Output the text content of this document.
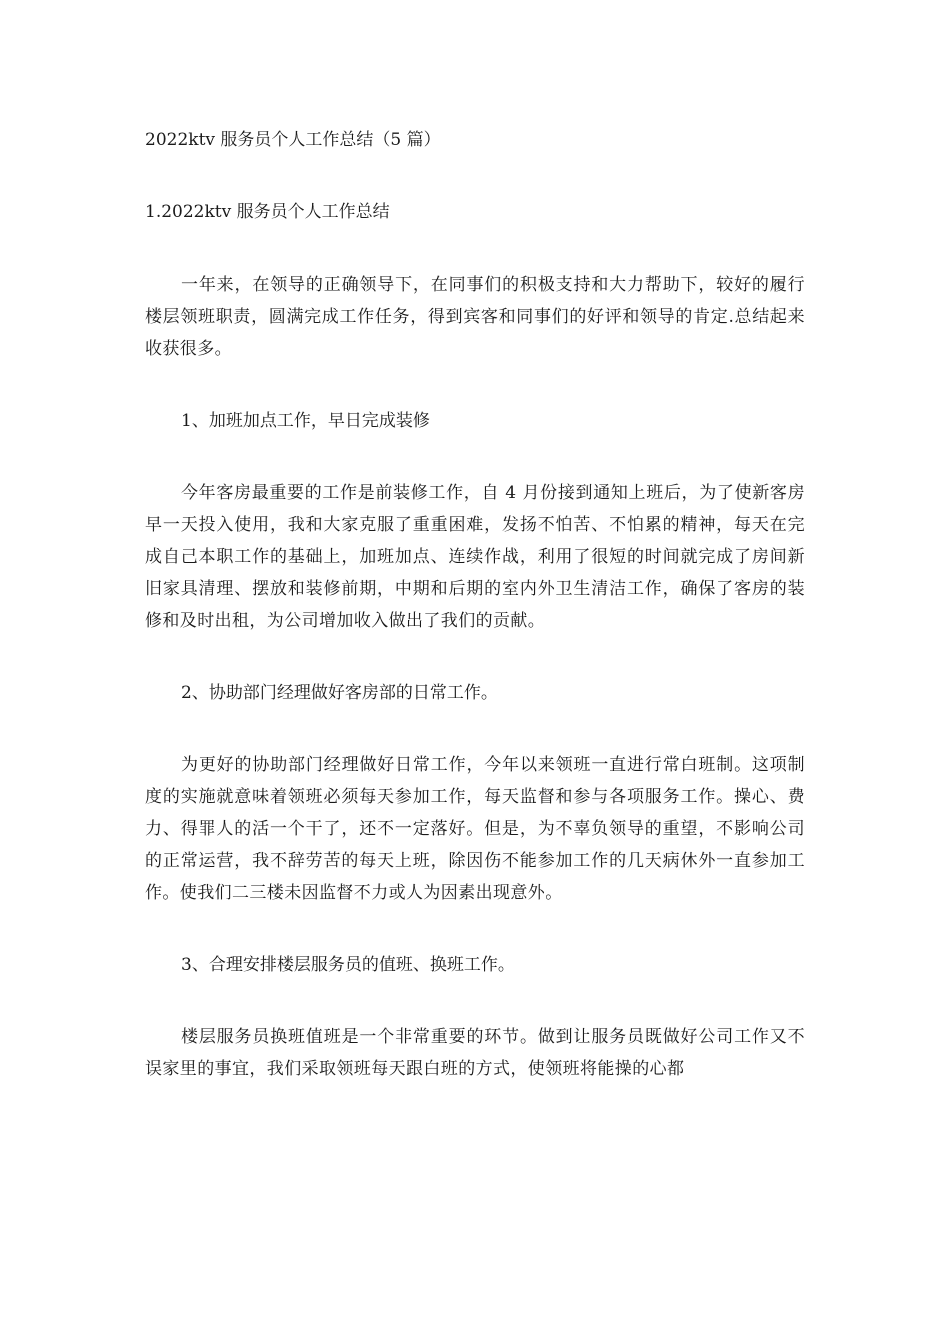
2022ktv 服务员个人工作总结（5 篇）

1.2022ktv 服务员个人工作总结

一年来，在领导的正确领导下，在同事们的积极支持和大力帮助下，较好的履行楼层领班职责，圆满完成工作任务，得到宾客和同事们的好评和领导的肯定.总结起来收获很多。

1、加班加点工作，早日完成装修

今年客房最重要的工作是前装修工作，自 4 月份接到通知上班后，为了使新客房早一天投入使用，我和大家克服了重重困难，发扬不怕苦、不怕累的精神，每天在完成自己本职工作的基础上，加班加点、连续作战，利用了很短的时间就完成了房间新旧家具清理、摆放和装修前期，中期和后期的室内外卫生清洁工作，确保了客房的装修和及时出租，为公司增加收入做出了我们的贡献。

2、协助部门经理做好客房部的日常工作。

为更好的协助部门经理做好日常工作，今年以来领班一直进行常白班制。这项制度的实施就意味着领班必须每天参加工作，每天监督和参与各项服务工作。操心、费力、得罪人的活一个干了，还不一定落好。但是，为不辜负领导的重望，不影响公司的正常运营，我不辞劳苦的每天上班，除因伤不能参加工作的几天病休外一直参加工作。使我们二三楼未因监督不力或人为因素出现意外。

3、合理安排楼层服务员的值班、换班工作。

楼层服务员换班值班是一个非常重要的环节。做到让服务员既做好公司工作又不误家里的事宜，我们采取领班每天跟白班的方式，使领班将能操的心都
